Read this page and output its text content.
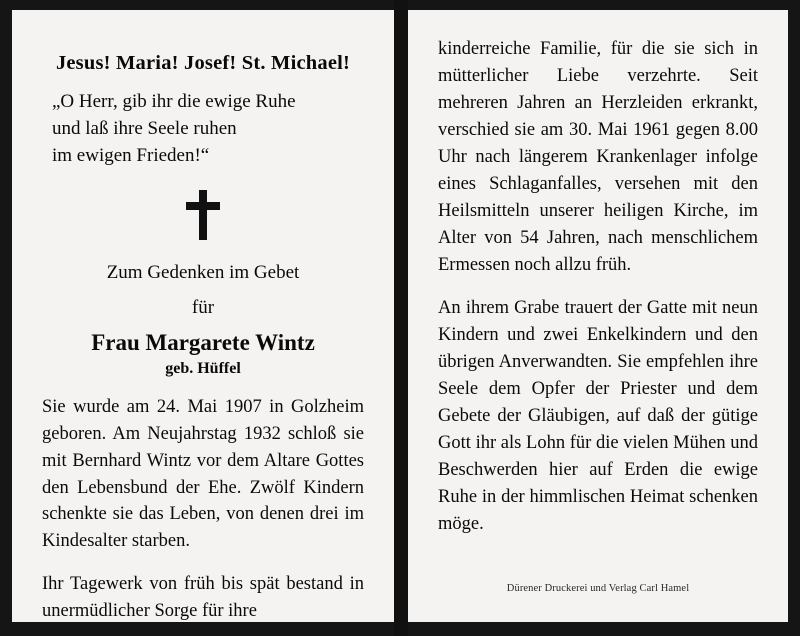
Jesus! Maria! Josef! St. Michael!
„O Herr, gib ihr die ewige Ruhe
und laß ihre Seele ruhen
im ewigen Frieden!“
Zum Gedenken im Gebet
für
Frau Margarete Wintz
geb. Hüffel

Sie wurde am 24. Mai 1907 in Golzheim geboren. Am Neujahrstag 1932 schloß sie mit Bernhard Wintz vor dem Altare Gottes den Lebensbund der Ehe. Zwölf Kindern schenkte sie das Leben, von denen drei im Kindesalter starben.

Ihr Tagewerk von früh bis spät bestand in unermüdlicher Sorge für ihre

kinderreiche Familie, für die sie sich in mütterlicher Liebe verzehrte. Seit mehreren Jahren an Herzleiden erkrankt, verschied sie am 30. Mai 1961 gegen 8.00 Uhr nach längerem Krankenlager infolge eines Schlaganfalles, versehen mit den Heilsmitteln unserer heiligen Kirche, im Alter von 54 Jahren, nach menschlichem Ermessen noch allzu früh.

An ihrem Grabe trauert der Gatte mit neun Kindern und zwei Enkelkindern und den übrigen Anverwandten. Sie empfehlen ihre Seele dem Opfer der Priester und dem Gebete der Gläubigen, auf daß der gütige Gott ihr als Lohn für die vielen Mühen und Beschwerden hier auf Erden die ewige Ruhe in der himmlischen Heimat schenken möge.

Dürener Druckerei und Verlag Carl Hamel
